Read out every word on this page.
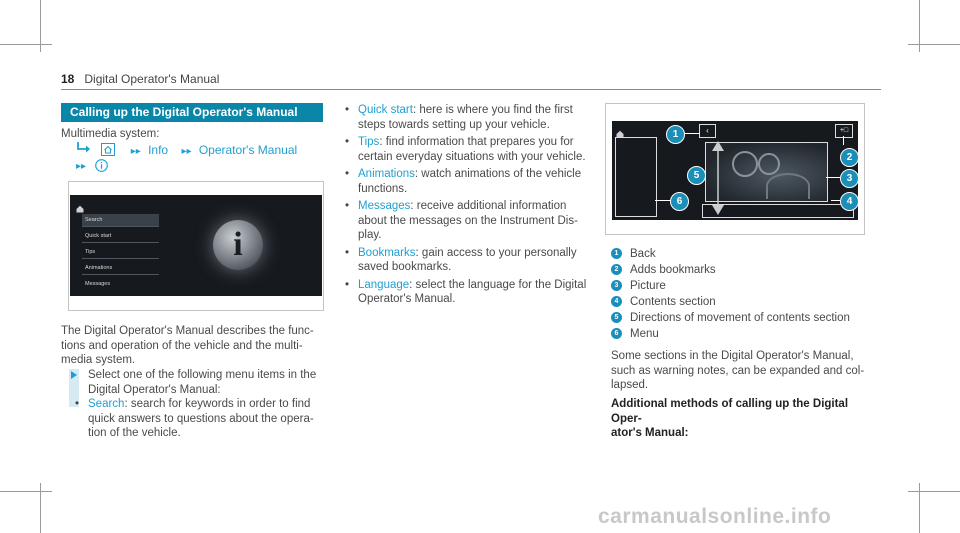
18 Digital Operator's Manual
Calling up the Digital Operator's Manual
Multimedia system:
▸▸ Info ▸▸ Operator's Manual
▸▸
Search
Quick start
Tips
Animations
Messages
i
The Digital Operator's Manual describes the func-
tions and operation of the vehicle and the multi-
media system.
Select one of the following menu items in the
Digital Operator's Manual:
• Search: search for keywords in order to find
quick answers to questions about the opera-
tion of the vehicle.
• Quick start: here is where you find the first
steps towards setting up your vehicle.
• Tips: find information that prepares you for
certain everyday situations with your vehicle.
• Animations: watch animations of the vehicle
functions.
• Messages: receive additional information
about the messages on the Instrument Dis-
play.
• Bookmarks: gain access to your personally
saved bookmarks.
• Language: select the language for the Digital
Operator's Manual.
‹	+□
1
2
3
4
5
6
1 Back
2 Adds bookmarks
3 Picture
4 Contents section
5 Directions of movement of contents section
6 Menu
Some sections in the Digital Operator's Manual,
such as warning notes, can be expanded and col-
lapsed.
Additional methods of calling up the Digital Oper-
ator's Manual:
carmanualsonline.info
